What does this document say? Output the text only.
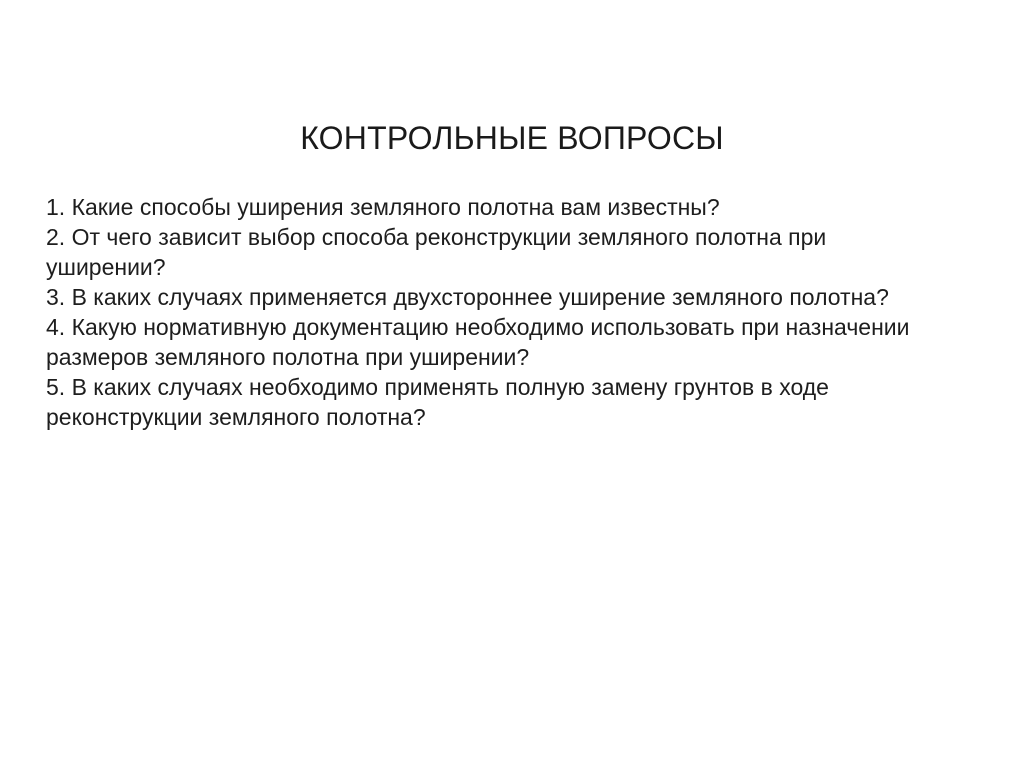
КОНТРОЛЬНЫЕ ВОПРОСЫ
1. Какие способы уширения земляного полотна вам известны?
2. От чего зависит выбор способа реконструкции земляного полотна при уширении?
3. В каких случаях применяется двухстороннее уширение земляного полотна?
4. Какую нормативную документацию необходимо использовать при назначении размеров земляного полотна при уширении?
5. В каких случаях необходимо применять полную замену грунтов в ходе реконструкции земляного полотна?
